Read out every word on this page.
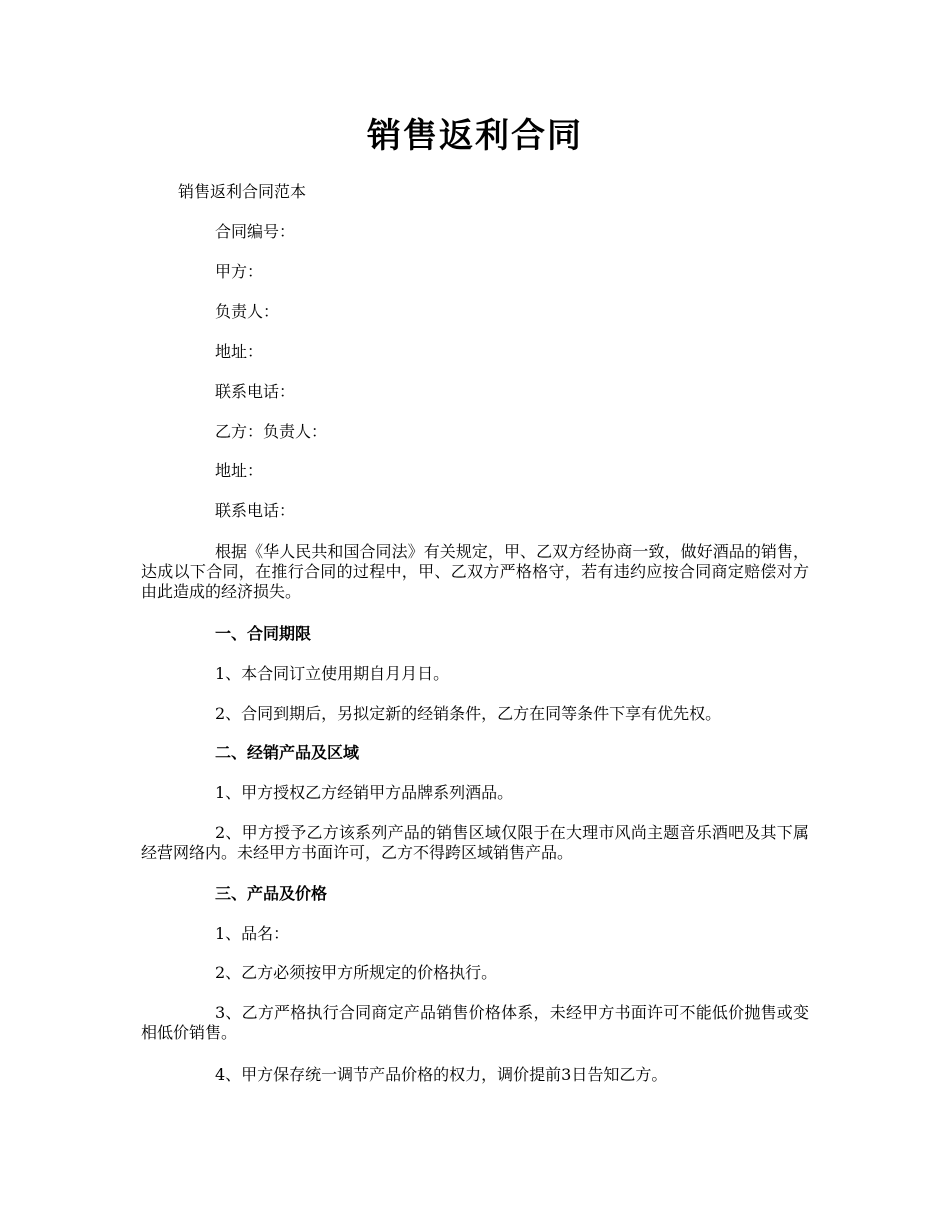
销售返利合同

销售返利合同范本

合同编号：

甲方：

负责人：

地址：

联系电话：

乙方：负责人：

地址：

联系电话：

根据《华人民共和国合同法》有关规定，甲、乙双方经协商一致，做好酒品的销售，达成以下合同，在推行合同的过程中，甲、乙双方严格格守，若有违约应按合同商定赔偿对方由此造成的经济损失。

一、合同期限

1、本合同订立使用期自月月日。

2、合同到期后，另拟定新的经销条件，乙方在同等条件下享有优先权。

二、经销产品及区域

1、甲方授权乙方经销甲方品牌系列酒品。

2、甲方授予乙方该系列产品的销售区域仅限于在大理市风尚主题音乐酒吧及其下属经营网络内。未经甲方书面许可，乙方不得跨区域销售产品。

三、产品及价格

1、品名：

2、乙方必须按甲方所规定的价格执行。

3、乙方严格执行合同商定产品销售价格体系，未经甲方书面许可不能低价抛售或变相低价销售。

4、甲方保存统一调节产品价格的权力，调价提前3日告知乙方。
